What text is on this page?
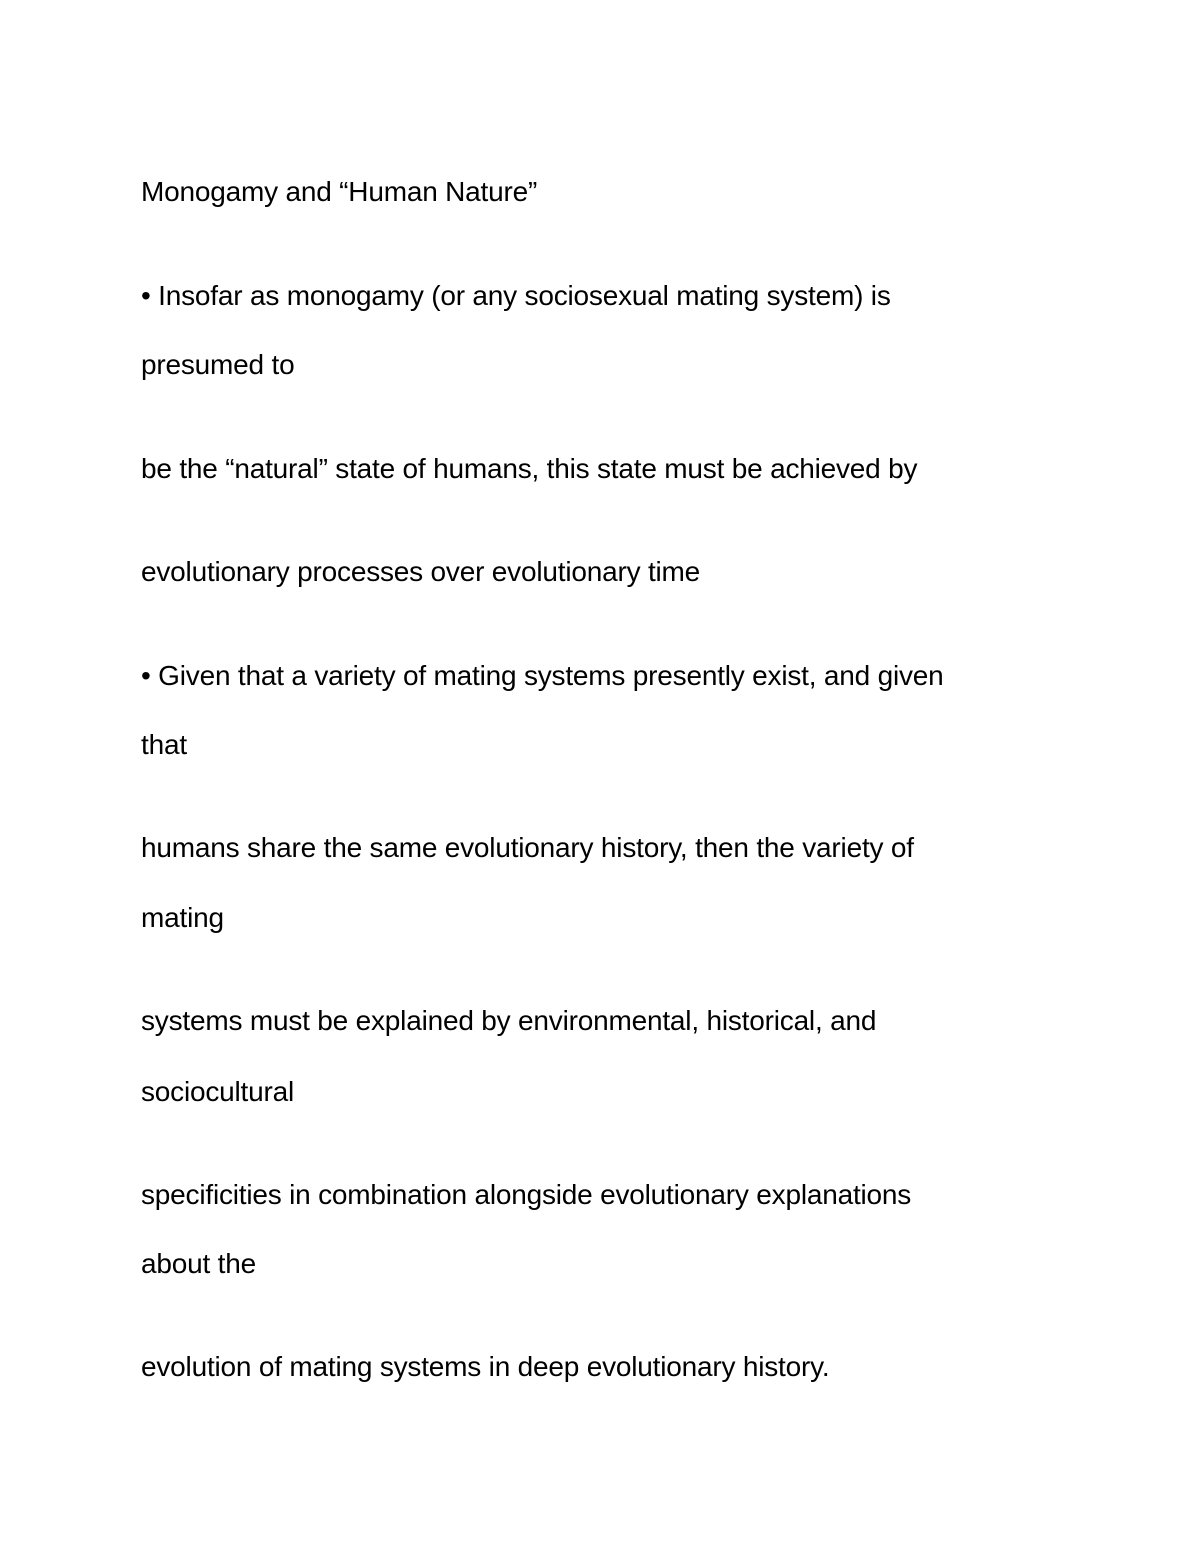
Monogamy and “Human Nature”
• Insofar as monogamy (or any sociosexual mating system) is
presumed to
be the “natural” state of humans, this state must be achieved by
evolutionary processes over evolutionary time
• Given that a variety of mating systems presently exist, and given
that
humans share the same evolutionary history, then the variety of
mating
systems must be explained by environmental, historical, and
sociocultural
specificities in combination alongside evolutionary explanations
about the
evolution of mating systems in deep evolutionary history.
